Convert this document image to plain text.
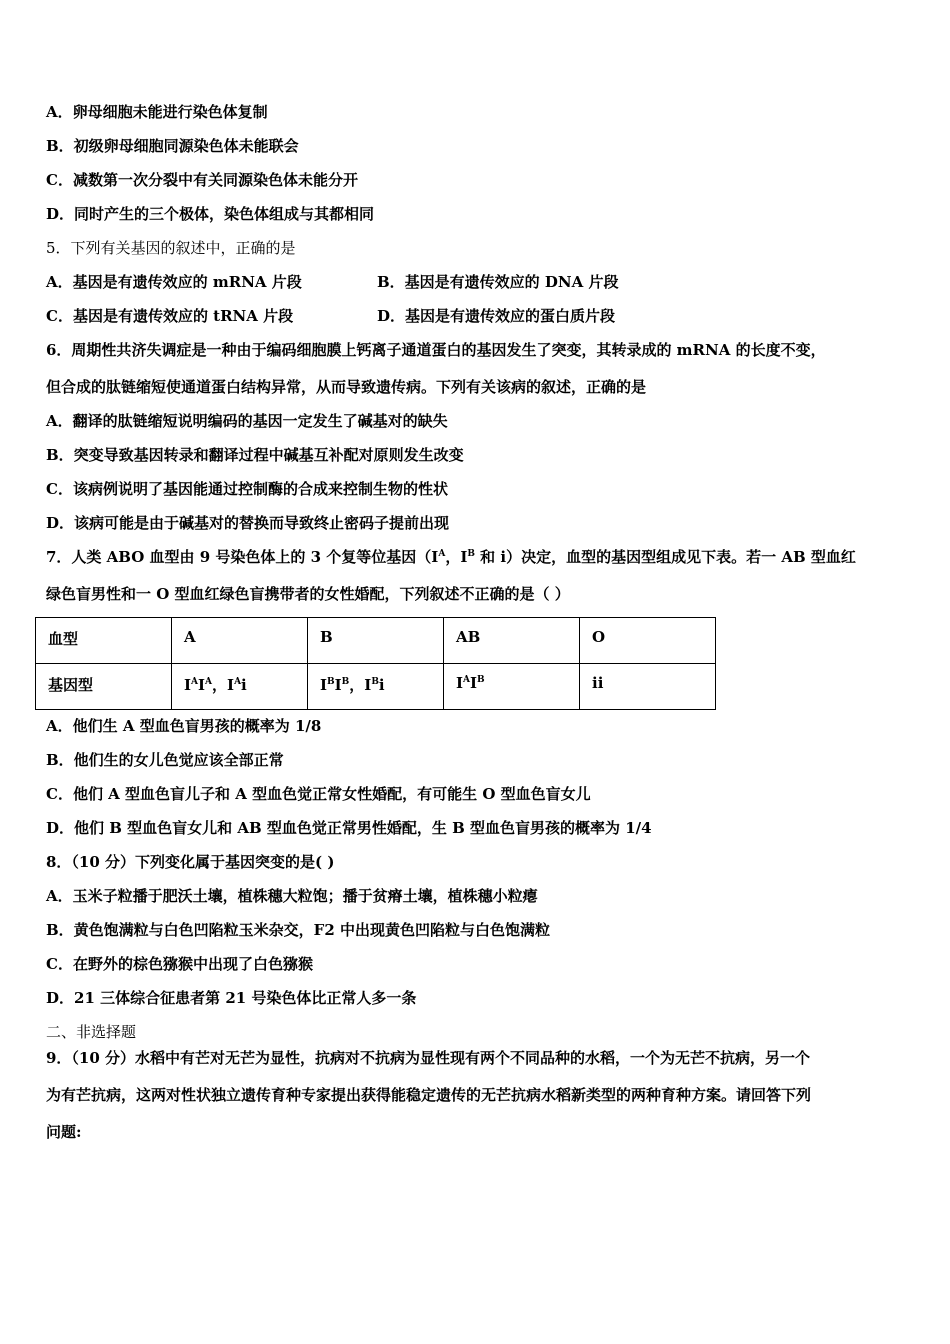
A．卵母细胞未能进行染色体复制
B．初级卵母细胞同源染色体未能联会
C．减数第一次分裂中有关同源染色体未能分开
D．同时产生的三个极体，染色体组成与其都相同
5．下列有关基因的叙述中，正确的是
A．基因是有遗传效应的 mRNA 片段	B．基因是有遗传效应的 DNA 片段
C．基因是有遗传效应的 tRNA 片段	D．基因是有遗传效应的蛋白质片段
6．周期性共济失调症是一种由于编码细胞膜上钙离子通道蛋白的基因发生了突变，其转录成的 mRNA 的长度不变，
但合成的肽链缩短使通道蛋白结构异常，从而导致遗传病。下列有关该病的叙述，正确的是
A．翻译的肽链缩短说明编码的基因一定发生了碱基对的缺失
B．突变导致基因转录和翻译过程中碱基互补配对原则发生改变
C．该病例说明了基因能通过控制酶的合成来控制生物的性状
D．该病可能是由于碱基对的替换而导致终止密码子提前出现
7．人类 ABO 血型由 9 号染色体上的 3 个复等位基因（$I^A$，$I^B$ 和 i）决定，血型的基因型组成见下表。若一 AB 型血红
绿色盲男性和一 O 型血红绿色盲携带者的女性婚配，下列叙述不正确的是（ ）
血型	A	B	AB	O
基因型	$I^AI^A$，$I^Ai$	$I^BI^B$，$I^Bi$	$I^AI^B$	ii
A．他们生 A 型血色盲男孩的概率为 1/8
B．他们生的女儿色觉应该全部正常
C．他们 A 型血色盲儿子和 A 型血色觉正常女性婚配，有可能生 O 型血色盲女儿
D．他们 B 型血色盲女儿和 AB 型血色觉正常男性婚配，生 B 型血色盲男孩的概率为 1/4
8．（10 分）下列变化属于基因突变的是( )
A．玉米子粒播于肥沃土壤，植株穗大粒饱；播于贫瘠土壤，植株穗小粒瘪
B．黄色饱满粒与白色凹陷粒玉米杂交，F2 中出现黄色凹陷粒与白色饱满粒
C．在野外的棕色猕猴中出现了白色猕猴
D．21 三体综合征患者第 21 号染色体比正常人多一条
二、非选择题
9．（10 分）水稻中有芒对无芒为显性，抗病对不抗病为显性现有两个不同品种的水稻，一个为无芒不抗病，另一个
为有芒抗病，这两对性状独立遗传育种专家提出获得能稳定遗传的无芒抗病水稻新类型的两种育种方案。请回答下列
问题:
